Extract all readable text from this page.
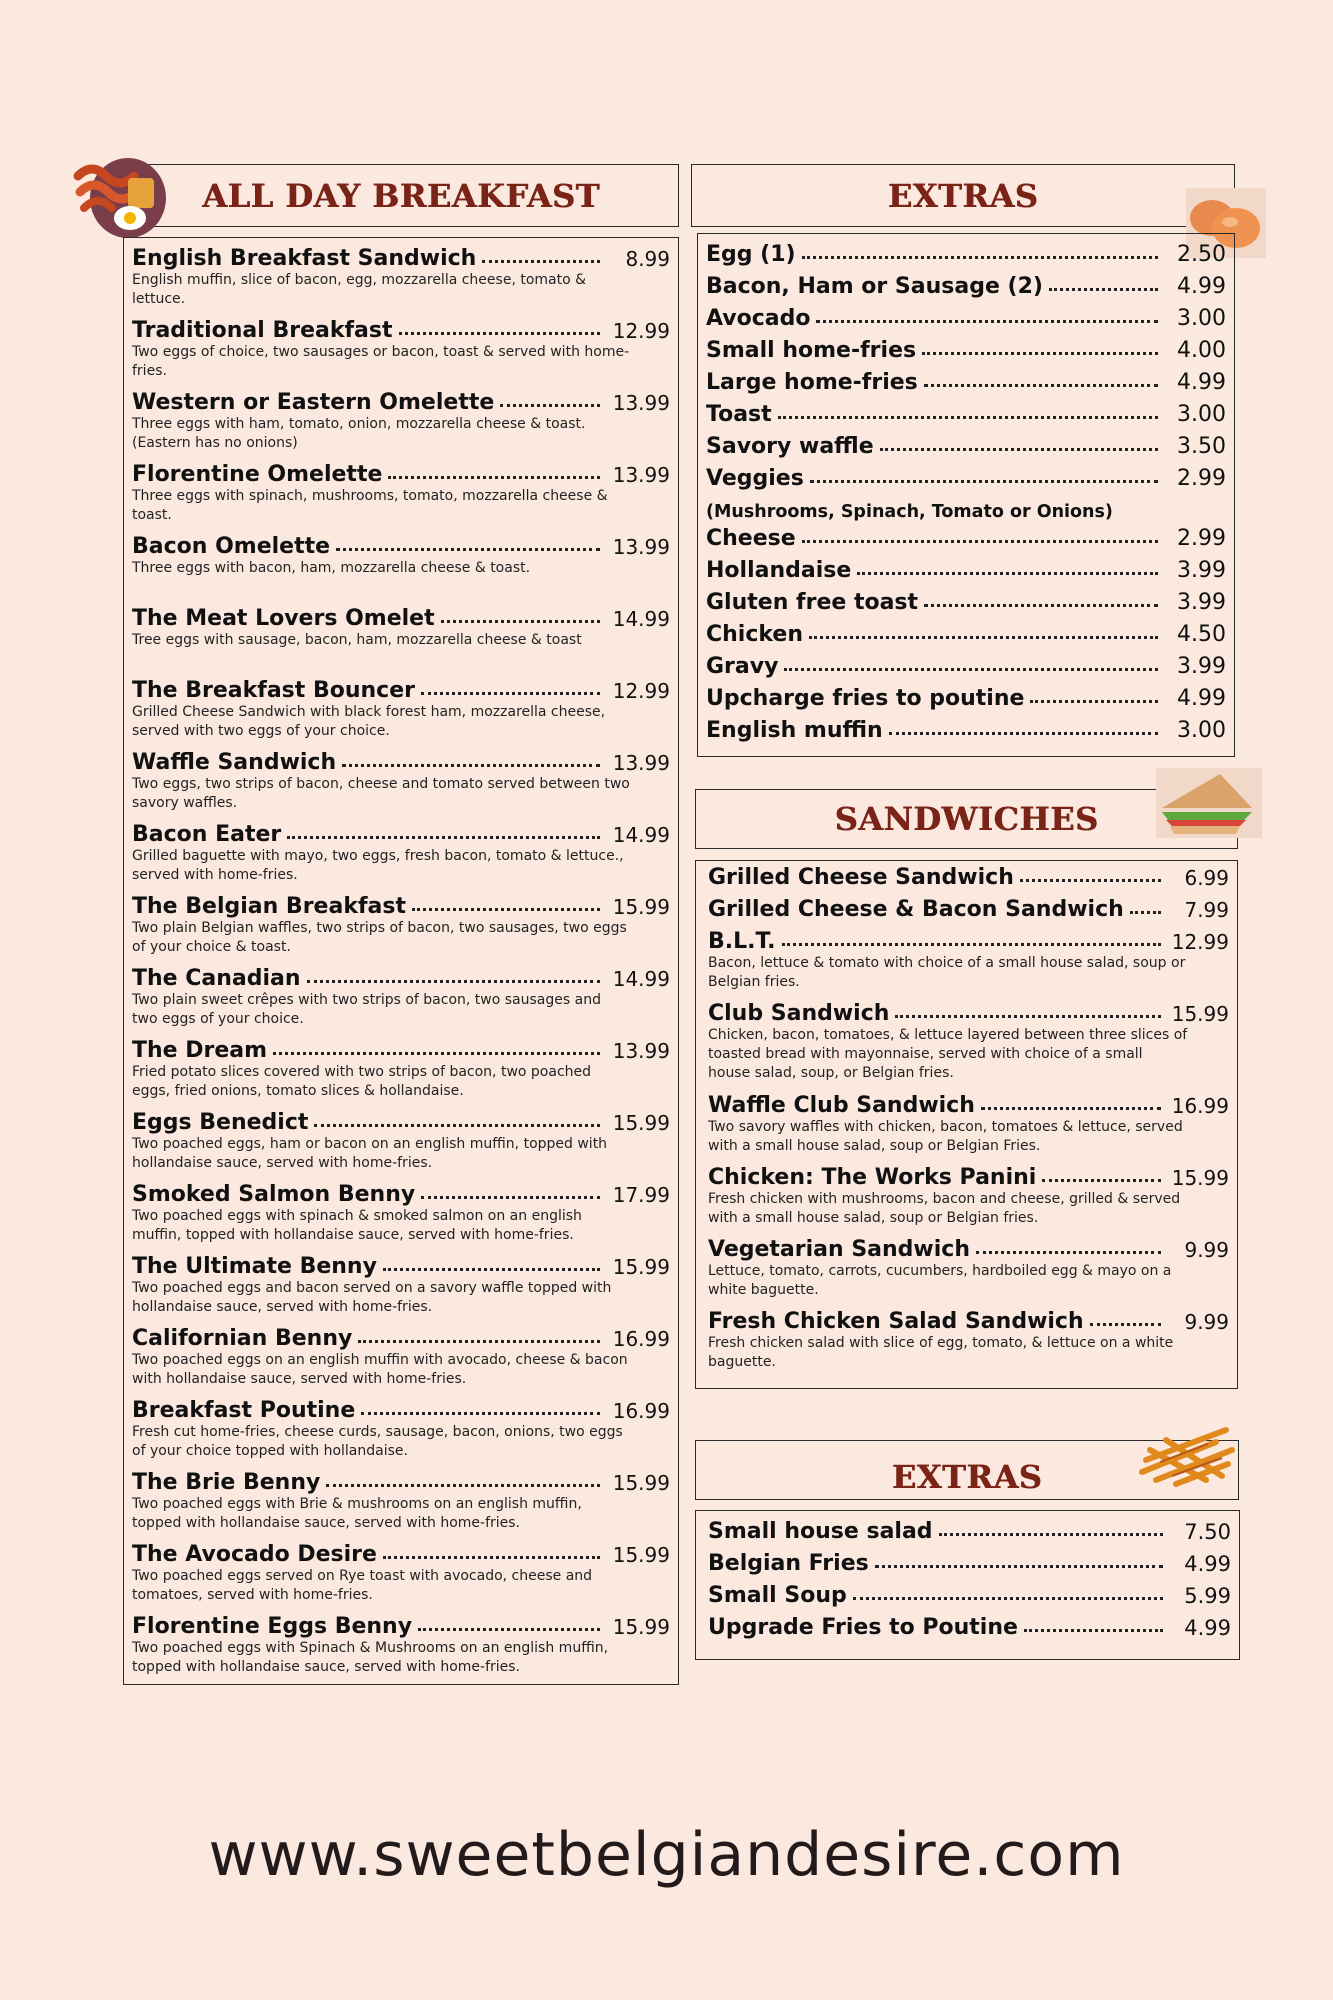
ALL DAY BREAKFAST
English Breakfast Sandwich	8.99
English muffin, slice of bacon, egg, mozzarella cheese, tomato & lettuce.
Traditional Breakfast	12.99
Two eggs of choice, two sausages or bacon, toast & served with home-fries.
Western or Eastern Omelette	13.99
Three eggs with ham, tomato, onion, mozzarella cheese & toast. (Eastern has no onions)
Florentine Omelette	13.99
Three eggs with spinach, mushrooms, tomato, mozzarella cheese & toast.
Bacon Omelette	13.99
Three eggs with bacon, ham, mozzarella cheese & toast.
The Meat Lovers Omelet	14.99
Tree eggs with sausage, bacon, ham, mozzarella cheese & toast
The Breakfast Bouncer	12.99
Grilled Cheese Sandwich with black forest ham, mozzarella cheese, served with two eggs of your choice.
Waffle Sandwich	13.99
Two eggs, two strips of bacon, cheese and tomato served between two savory waffles.
Bacon Eater	14.99
Grilled baguette with mayo, two eggs, fresh bacon, tomato & lettuce., served with home-fries.
The Belgian Breakfast	15.99
Two plain Belgian waffles, two strips of bacon, two sausages, two eggs of your choice & toast.
The Canadian	14.99
Two plain sweet crêpes with two strips of bacon, two sausages and two eggs of your choice.
The Dream	13.99
Fried potato slices covered with two strips of bacon, two poached eggs, fried onions, tomato slices & hollandaise.
Eggs Benedict	15.99
Two poached eggs, ham or bacon on an english muffin, topped with hollandaise sauce, served with home-fries.
Smoked Salmon Benny	17.99
Two poached eggs with spinach & smoked salmon on an english muffin, topped with hollandaise sauce, served with home-fries.
The Ultimate Benny	15.99
Two poached eggs and bacon served on a savory waffle topped with hollandaise sauce, served with home-fries.
Californian Benny	16.99
Two poached eggs on an english muffin with avocado, cheese & bacon with hollandaise sauce, served with home-fries.
Breakfast Poutine	16.99
Fresh cut home-fries, cheese curds, sausage, bacon, onions, two eggs of your choice topped with hollandaise.
The Brie Benny	15.99
Two poached eggs with Brie & mushrooms on an english muffin, topped with hollandaise sauce, served with home-fries.
The Avocado Desire	15.99
Two poached eggs served on Rye toast with avocado, cheese and tomatoes, served with home-fries.
Florentine Eggs Benny	15.99
Two poached eggs with Spinach & Mushrooms on an english muffin, topped with hollandaise sauce, served with home-fries.
EXTRAS
Egg (1)	2.50
Bacon, Ham or Sausage (2)	4.99
Avocado	3.00
Small home-fries	4.00
Large home-fries	4.99
Toast	3.00
Savory waffle	3.50
Veggies	2.99
(Mushrooms, Spinach, Tomato or Onions)
Cheese	2.99
Hollandaise	3.99
Gluten free toast	3.99
Chicken	4.50
Gravy	3.99
Upcharge fries to poutine	4.99
English muffin	3.00
SANDWICHES
Grilled Cheese Sandwich	6.99
Grilled Cheese & Bacon Sandwich	7.99
B.L.T.	12.99
Bacon, lettuce & tomato with choice of a small house salad, soup or Belgian fries.
Club Sandwich	15.99
Chicken, bacon, tomatoes, & lettuce layered between three slices of toasted bread with mayonnaise, served with choice of a small house salad, soup, or Belgian fries.
Waffle Club Sandwich	16.99
Two savory waffles with chicken, bacon, tomatoes & lettuce, served with a small house salad, soup or Belgian Fries.
Chicken: The Works Panini	15.99
Fresh chicken with mushrooms, bacon and cheese, grilled & served with a small house salad, soup or Belgian fries.
Vegetarian Sandwich	9.99
Lettuce, tomato, carrots, cucumbers, hardboiled egg & mayo on a white baguette.
Fresh Chicken Salad Sandwich	9.99
Fresh chicken salad with slice of egg, tomato, & lettuce on a white baguette.
EXTRAS
Small house salad	7.50
Belgian Fries	4.99
Small Soup	5.99
Upgrade Fries to Poutine	4.99
www.sweetbelgiandesire.com
